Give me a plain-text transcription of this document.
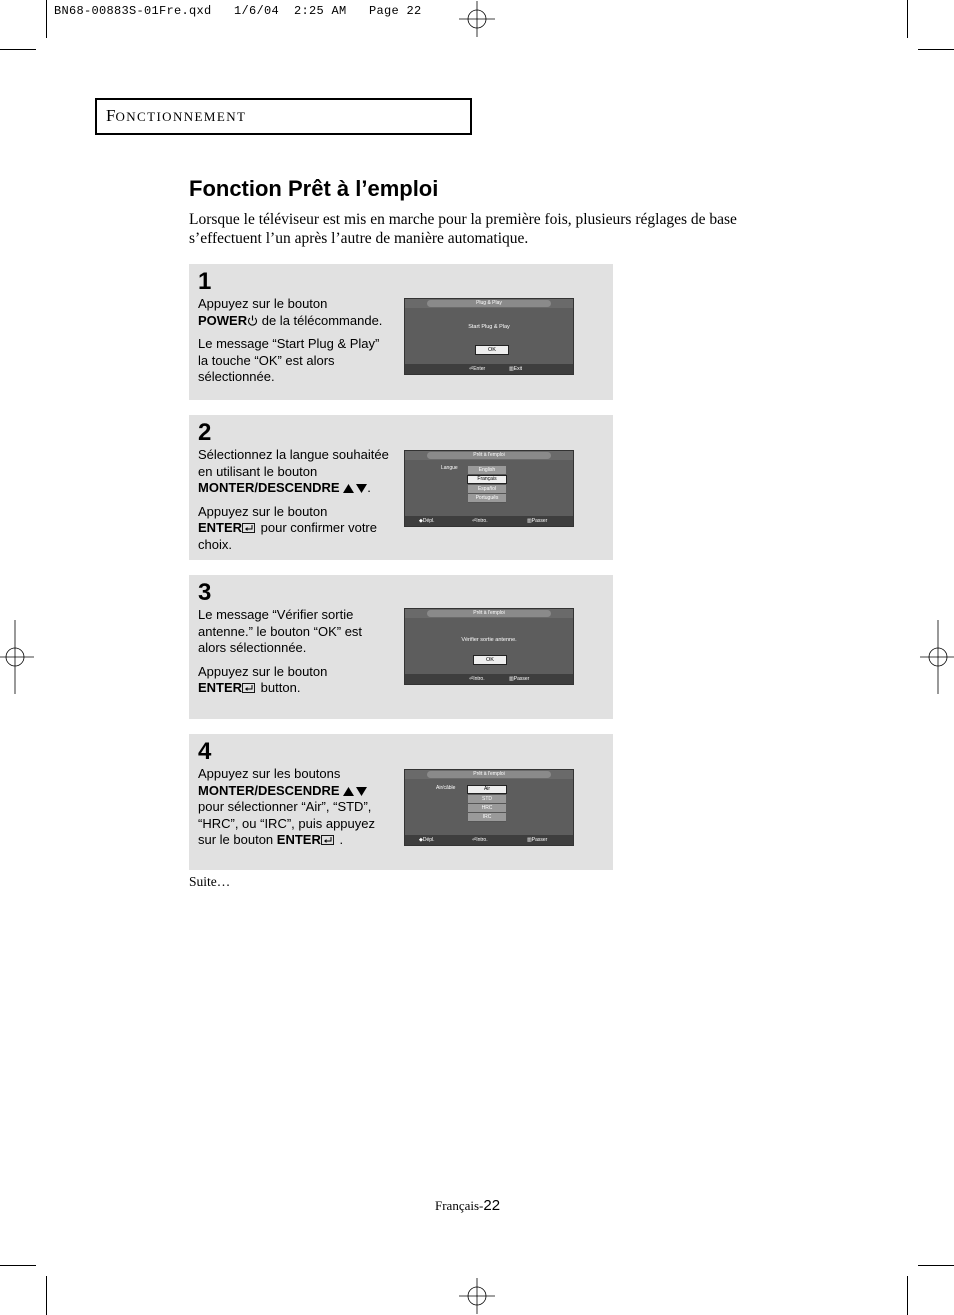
BN68-00883S-01Fre.qxd   1/6/04  2:25 AM   Page 22
FONCTIONNEMENT
Fonction Prêt à l’emploi
Lorsque le téléviseur est mis en marche pour la première fois, plusieurs réglages de base s’effectuent l’un après l’autre de manière automatique.
1

Appuyez sur le bouton
POWER de la télécommande.

Le message “Start Plug & Play” la touche “OK” est alors sélectionnée.

Plug & Play
Start Plug & Play
OK
⏎ Enter	▥ Exit
2

Sélectionnez la langue souhaitée en utilisant le bouton
MONTER/DESCENDRE .

Appuyez sur le bouton
ENTER pour confirmer votre choix.

Prêt à l'emploi
Langue	English
Français
Español
Português
◆ Dépl.	⏎ Intro.	▥ Passer
3

Le message “Vérifier sortie antenne.” le bouton “OK” est alors sélectionnée.

Appuyez sur le bouton
ENTER button.

Prêt à l'emploi
Vérifier sortie antenne.
OK
⏎ Intro.	▥ Passer
4

Appuyez sur les boutons
MONTER/DESCENDRE
pour sélectionner “Air”, “STD”, “HRC”, ou “IRC”, puis appuyez sur le bouton ENTER .

Prêt à l'emploi
Air/câble	Air
STD
HRC
IRC
◆ Dépl.	⏎ Intro.	▥ Passer
Suite…
Français-22
